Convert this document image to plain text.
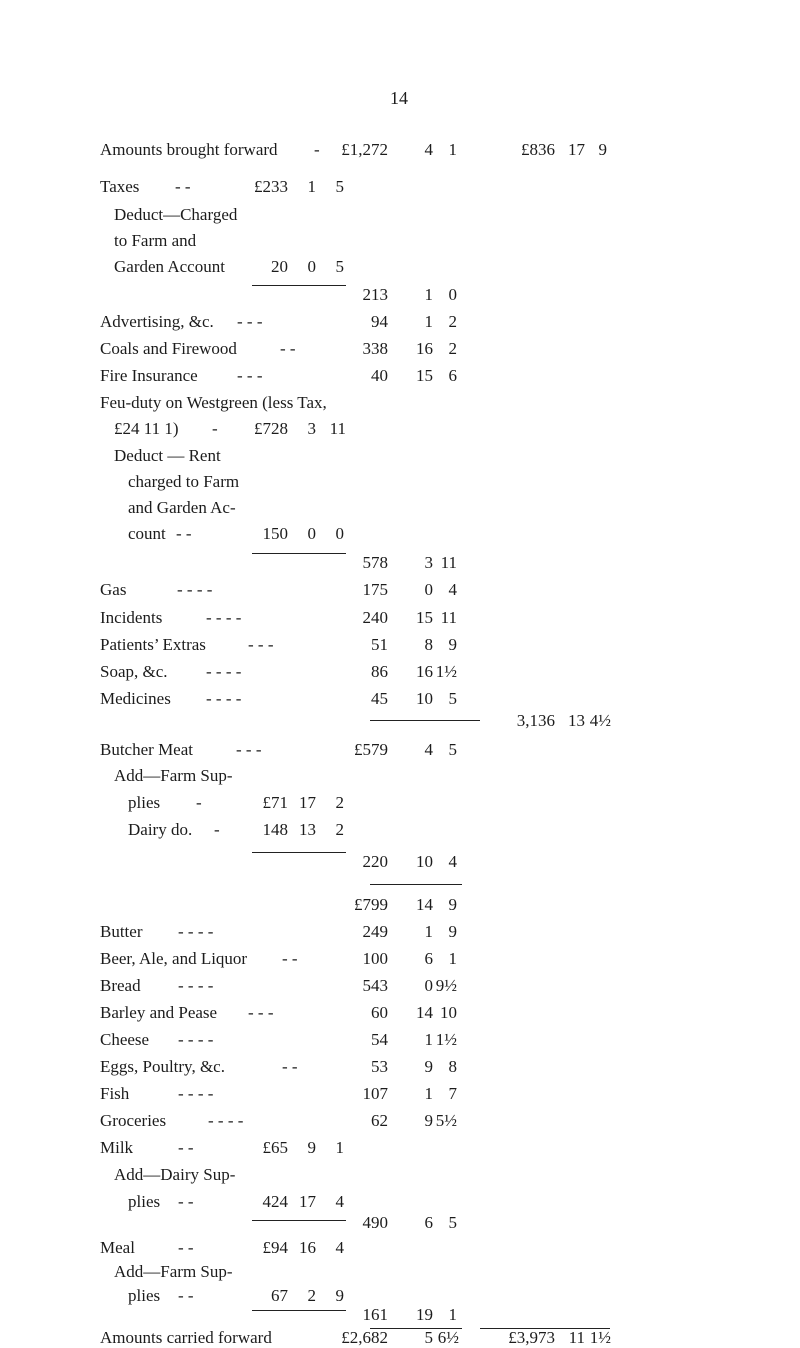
14
Amounts brought forward -	£1,272	4 1	£836 17 9
Taxes - -	£233	1	5
Deduct—Charged
to Farm and
Garden Account	20	0	5
213	1 0
Advertising, &c. - - -	94	1 2
Coals and Firewood	- -	338	16 2
Fire Insurance - - -	40	15 6
Feu-duty on Westgreen (less Tax,
£24 11 1) -	£728	3 11
Deduct — Rent
charged to Farm
and Garden Ac-
count - -	150	0	0
578	3 11
Gas	- - - -	175	0 4
Incidents	- - - -	240	15 11
Patients’ Extras - - -	51	8 9
Soap, &c. - - - -	86	16 1½
Medicines - - - -	45	10 5
3,136 13 4½
Butcher Meat	- - -	£579	4 5
Add—Farm Sup-
plies -	£71 17	2
Dairy do. -	148 13	2
220	10 4
£799	14 9
Butter - - - -	249	1 9
Beer, Ale, and Liquor - -	100	6 1
Bread - - - -	543	0 9½
Barley and Pease - - -	60	14 10
Cheese - - - -	54	1 1½
Eggs, Poultry, &c.	- -	53	9 8
Fish	- - - -	107	1 7
Groceries - - - -	62	9 5½
Milk	- -	£65	9	1
Add—Dairy Sup-
plies - -	424 17	4
490	6 5
Meal	- -	£94 16	4
Add—Farm Sup-
plies - -	67	2	9
161	19 1
Amounts carried forward	£2,682	5 6½	£3,973 11 1½
